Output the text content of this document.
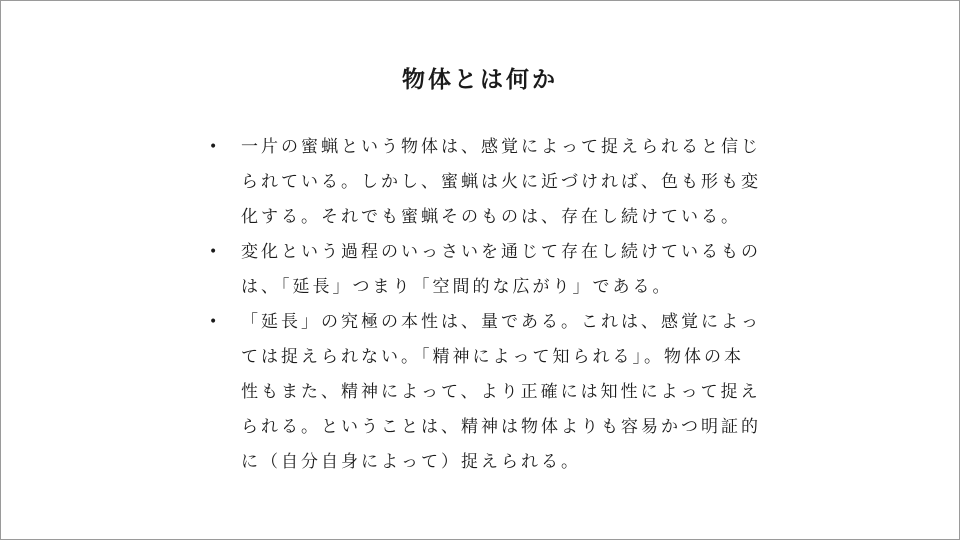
物体とは何か
•	一片の蜜蝋という物体は、感覚によって捉えられると信じ
られている。しかし、蜜蝋は火に近づければ、色も形も変
化する。それでも蜜蝋そのものは、存在し続けている。
•	変化という過程のいっさいを通じて存在し続けているもの
は、「延長」つまり「空間的な広がり」である。
•	「延長」の究極の本性は、量である。これは、感覚によっ
ては捉えられない。「精神によって知られる」。物体の本
性もまた、精神によって、より正確には知性によって捉え
られる。ということは、精神は物体よりも容易かつ明証的
に（自分自身によって）捉えられる。
